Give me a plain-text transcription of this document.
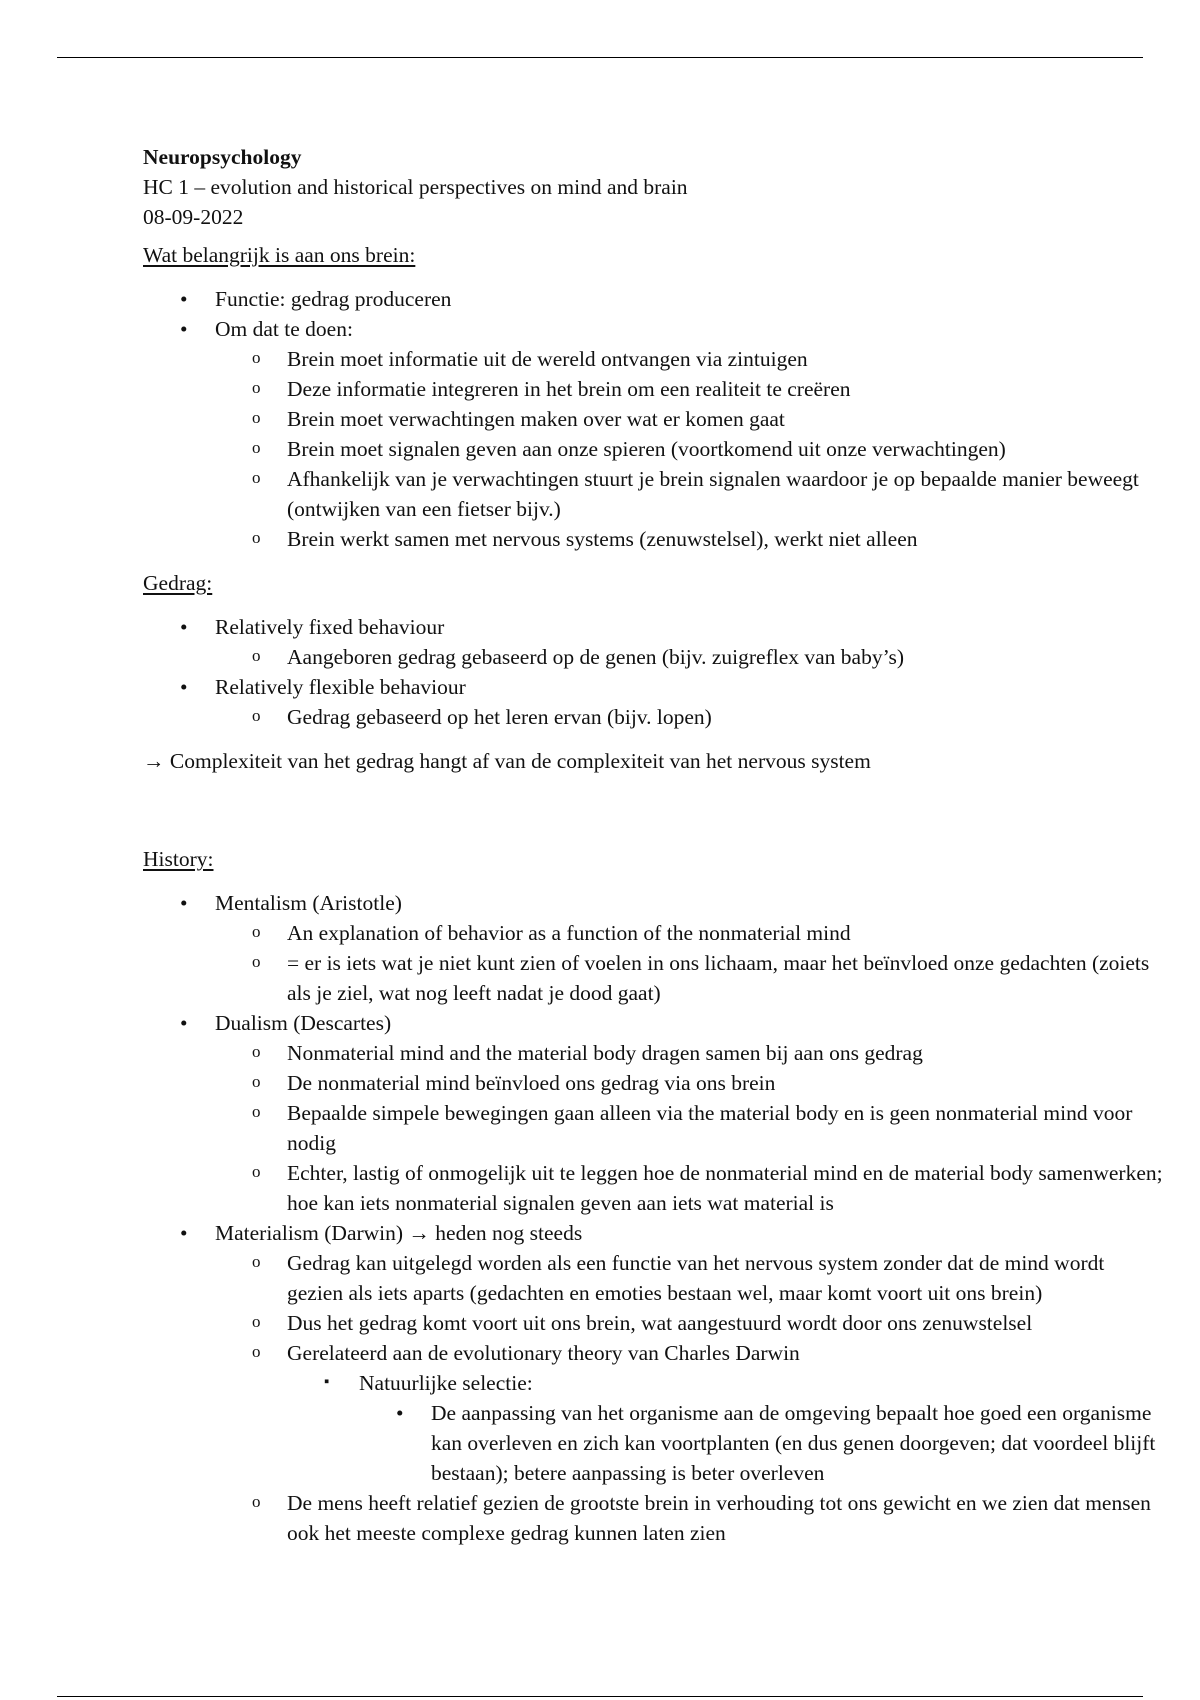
Neuropsychology
HC 1 – evolution and historical perspectives on mind and brain
08-09-2022
Wat belangrijk is aan ons brein:
• Functie: gedrag produceren
• Om dat te doen:
o Brein moet informatie uit de wereld ontvangen via zintuigen
o Deze informatie integreren in het brein om een realiteit te creëren
o Brein moet verwachtingen maken over wat er komen gaat
o Brein moet signalen geven aan onze spieren (voortkomend uit onze verwachtingen)
o Afhankelijk van je verwachtingen stuurt je brein signalen waardoor je op bepaalde manier beweegt (ontwijken van een fietser bijv.)
o Brein werkt samen met nervous systems (zenuwstelsel), werkt niet alleen
Gedrag:
• Relatively fixed behaviour
o Aangeboren gedrag gebaseerd op de genen (bijv. zuigreflex van baby’s)
• Relatively flexible behaviour
o Gedrag gebaseerd op het leren ervan (bijv. lopen)
→ Complexiteit van het gedrag hangt af van de complexiteit van het nervous system
History:
• Mentalism (Aristotle)
o An explanation of behavior as a function of the nonmaterial mind
o = er is iets wat je niet kunt zien of voelen in ons lichaam, maar het beïnvloed onze gedachten (zoiets als je ziel, wat nog leeft nadat je dood gaat)
• Dualism (Descartes)
o Nonmaterial mind and the material body dragen samen bij aan ons gedrag
o De nonmaterial mind beïnvloed ons gedrag via ons brein
o Bepaalde simpele bewegingen gaan alleen via the material body en is geen nonmaterial mind voor nodig
o Echter, lastig of onmogelijk uit te leggen hoe de nonmaterial mind en de material body samenwerken; hoe kan iets nonmaterial signalen geven aan iets wat material is
• Materialism (Darwin) → heden nog steeds
o Gedrag kan uitgelegd worden als een functie van het nervous system zonder dat de mind wordt gezien als iets aparts (gedachten en emoties bestaan wel, maar komt voort uit ons brein)
o Dus het gedrag komt voort uit ons brein, wat aangestuurd wordt door ons zenuwstelsel
o Gerelateerd aan de evolutionary theory van Charles Darwin
▪ Natuurlijke selectie:
• De aanpassing van het organisme aan de omgeving bepaalt hoe goed een organisme kan overleven en zich kan voortplanten (en dus genen doorgeven; dat voordeel blijft bestaan); betere aanpassing is beter overleven
o De mens heeft relatief gezien de grootste brein in verhouding tot ons gewicht en we zien dat mensen ook het meeste complexe gedrag kunnen laten zien
